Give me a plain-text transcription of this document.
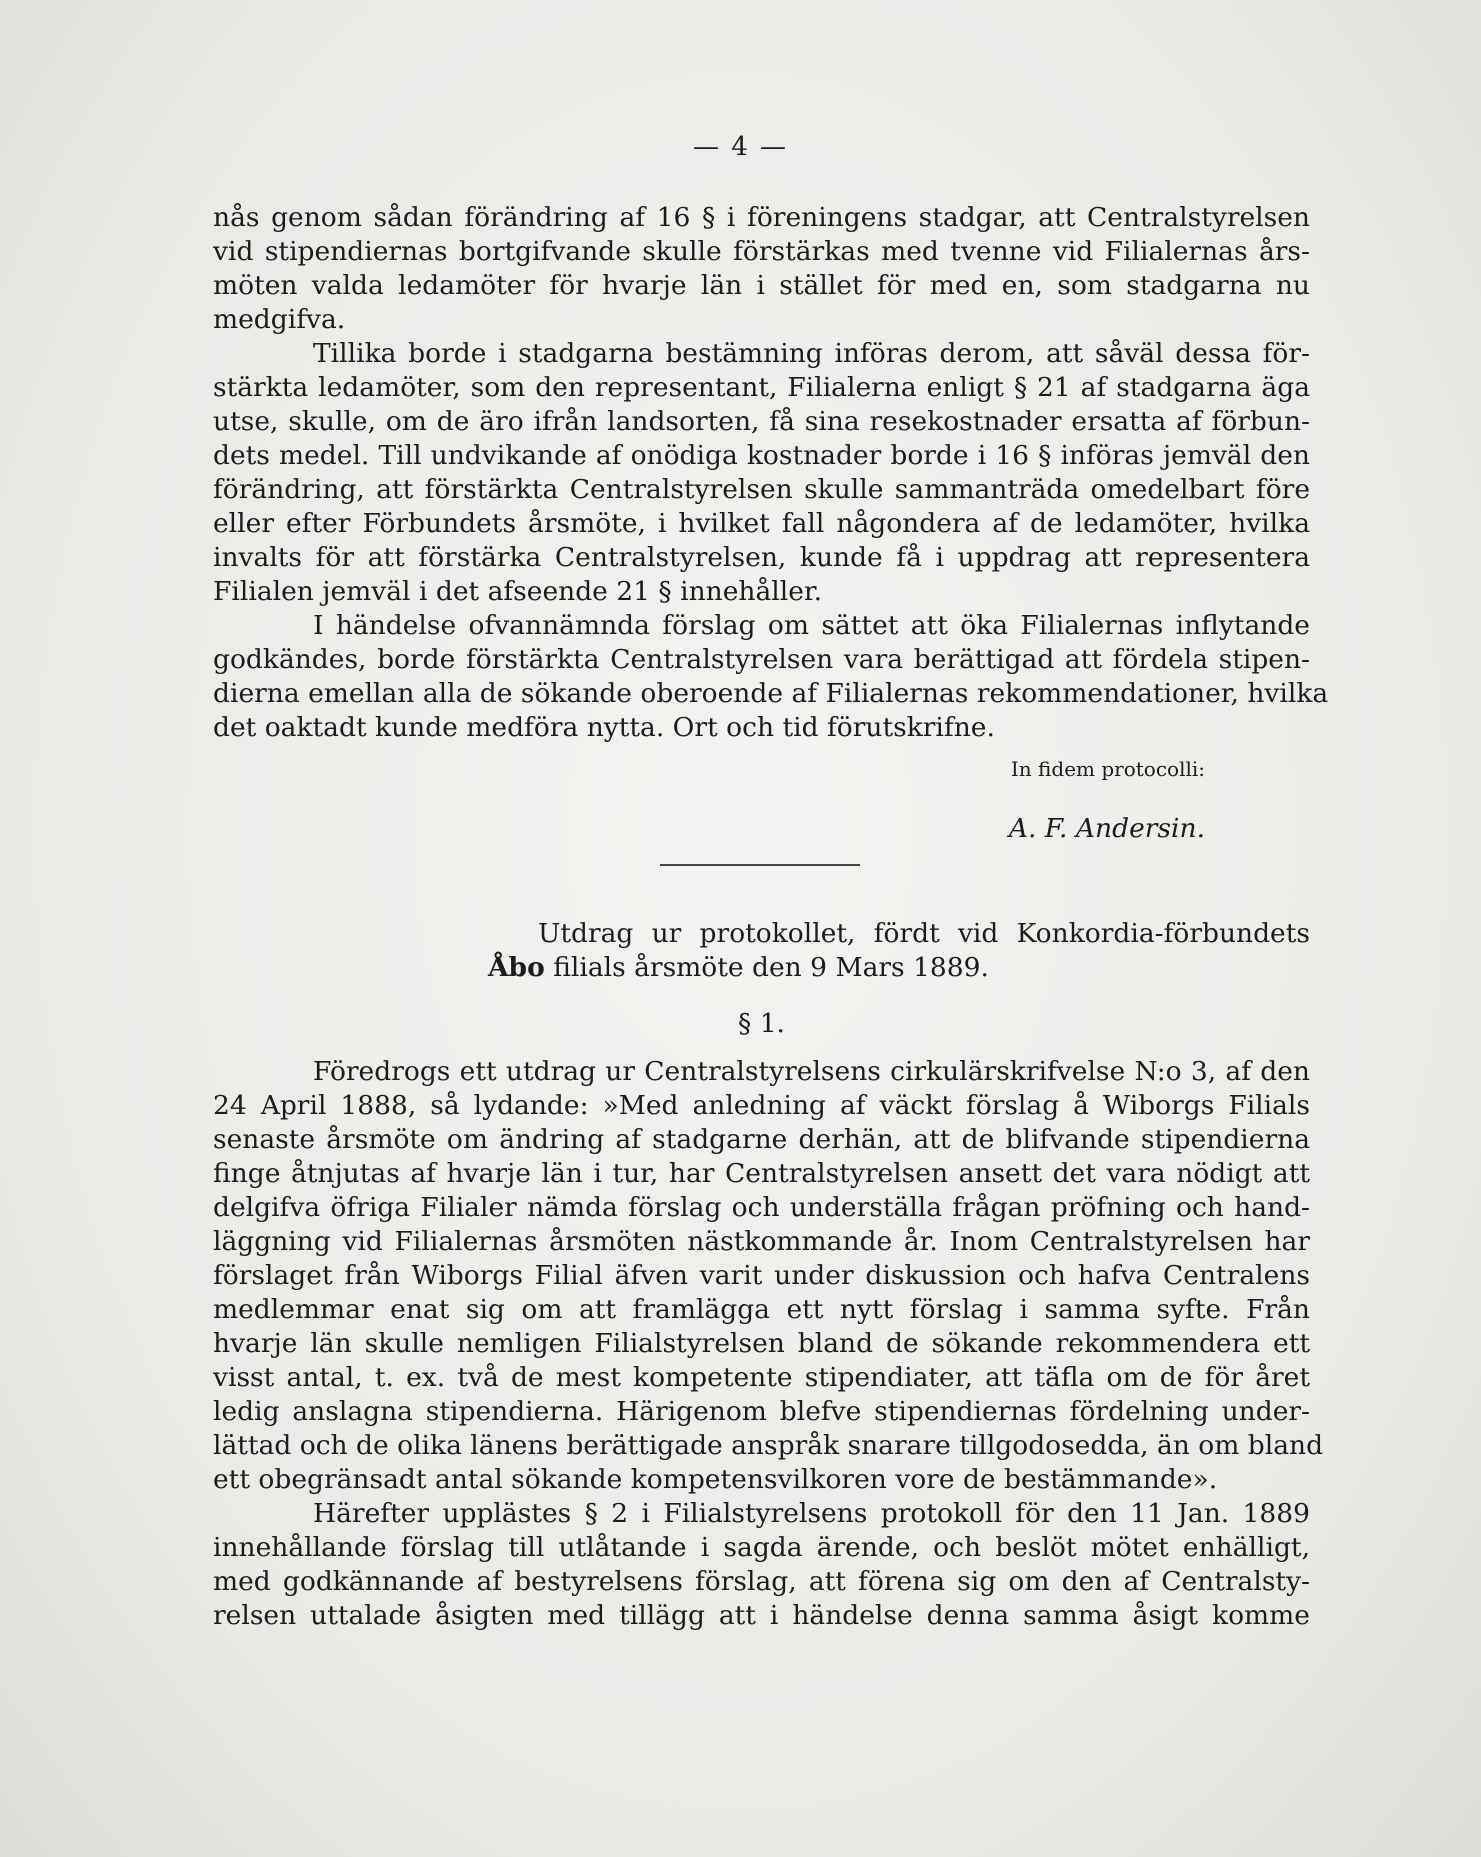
— 4 —
nås genom sådan förändring af 16 § i föreningens stadgar, att Centralstyrelsen
vid stipendiernas bortgifvande skulle förstärkas med tvenne vid Filialernas års-
möten valda ledamöter för hvarje län i stället för med en, som stadgarna nu
medgifva.
Tillika borde i stadgarna bestämning införas derom, att såväl dessa för-
stärkta ledamöter, som den representant, Filialerna enligt § 21 af stadgarna äga
utse, skulle, om de äro ifrån landsorten, få sina resekostnader ersatta af förbun-
dets medel. Till undvikande af onödiga kostnader borde i 16 § införas jemväl den
förändring, att förstärkta Centralstyrelsen skulle sammanträda omedelbart före
eller efter Förbundets årsmöte, i hvilket fall någondera af de ledamöter, hvilka
invalts för att förstärka Centralstyrelsen, kunde få i uppdrag att representera
Filialen jemväl i det afseende 21 § innehåller.
I händelse ofvannämnda förslag om sättet att öka Filialernas inflytande
godkändes, borde förstärkta Centralstyrelsen vara berättigad att fördela stipen-
dierna emellan alla de sökande oberoende af Filialernas rekommendationer, hvilka
det oaktadt kunde medföra nytta. Ort och tid förutskrifne.
In fidem protocolli:
A. F. Andersin.
Utdrag ur protokollet, fördt vid Konkordia-förbundets
Åbo filials årsmöte den 9 Mars 1889.
§ 1.
Föredrogs ett utdrag ur Centralstyrelsens cirkulärskrifvelse N:o 3, af den
24 April 1888, så lydande: »Med anledning af väckt förslag å Wiborgs Filials
senaste årsmöte om ändring af stadgarne derhän, att de blifvande stipendierna
finge åtnjutas af hvarje län i tur, har Centralstyrelsen ansett det vara nödigt att
delgifva öfriga Filialer nämda förslag och underställa frågan pröfning och hand-
läggning vid Filialernas årsmöten nästkommande år. Inom Centralstyrelsen har
förslaget från Wiborgs Filial äfven varit under diskussion och hafva Centralens
medlemmar enat sig om att framlägga ett nytt förslag i samma syfte. Från
hvarje län skulle nemligen Filialstyrelsen bland de sökande rekommendera ett
visst antal, t. ex. två de mest kompetente stipendiater, att täfla om de för året
ledig anslagna stipendierna. Härigenom blefve stipendiernas fördelning under-
lättad och de olika länens berättigade anspråk snarare tillgodosedda, än om bland
ett obegränsadt antal sökande kompetensvilkoren vore de bestämmande».
Härefter upplästes § 2 i Filialstyrelsens protokoll för den 11 Jan. 1889
innehållande förslag till utlåtande i sagda ärende, och beslöt mötet enhälligt,
med godkännande af bestyrelsens förslag, att förena sig om den af Centralsty-
relsen uttalade åsigten med tillägg att i händelse denna samma åsigt komme
